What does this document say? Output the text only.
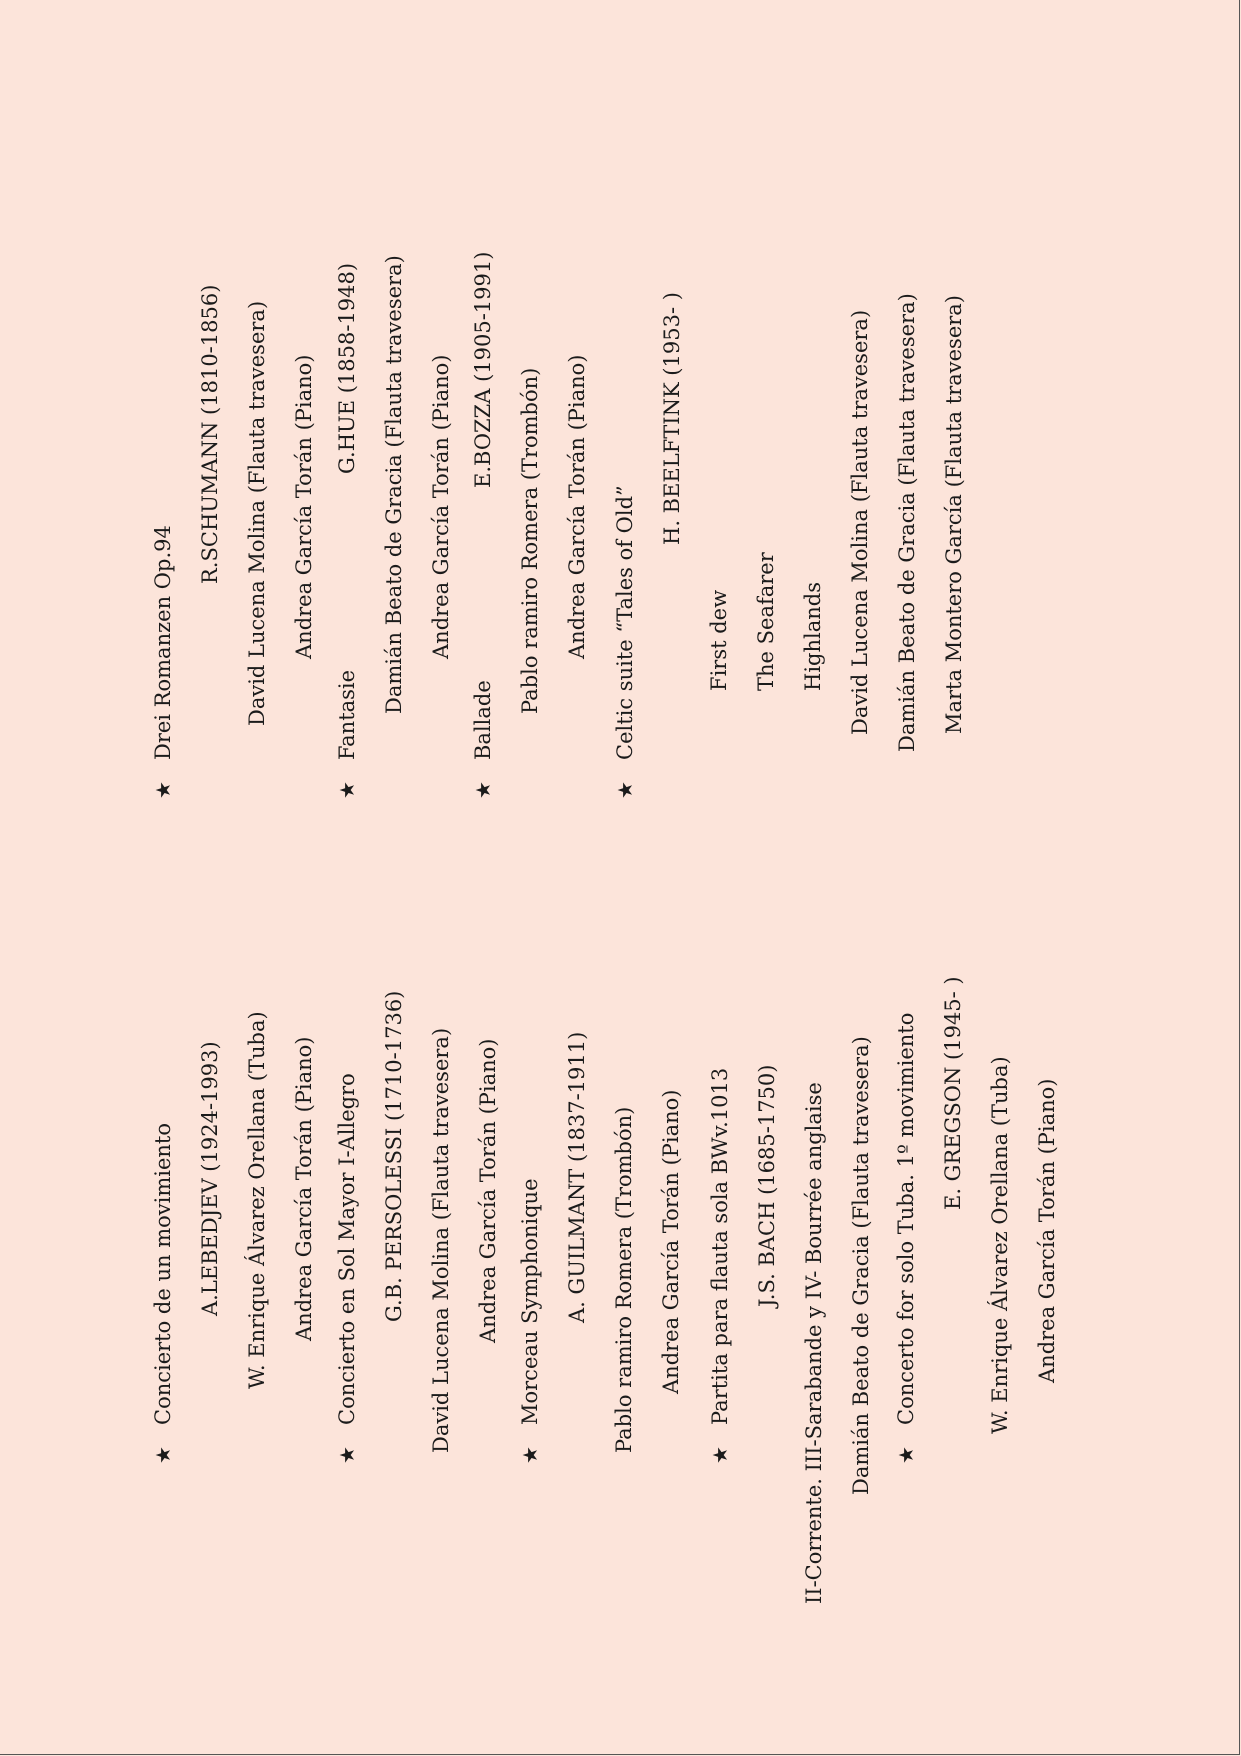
★
Concierto de un movimiento A.LEBEDJEV (1924-1993) W. Enrique Álvarez Orellana (Tuba) Andrea García Torán (Piano)
★
Concierto en Sol Mayor I-Allegro G.B. PERSOLESSI (1710-1736) David Lucena Molina (Flauta travesera) Andrea García Torán (Piano)
★
Morceau Symphonique A. GUILMANT (1837-1911) Pablo ramiro Romera (Trombón) Andrea García Torán (Piano)
★
Partita para flauta sola BWv.1013 J.S. BACH (1685-1750) II-Corrente. III-Sarabande y IV- Bourrée anglaise Damián Beato de Gracia (Flauta travesera) ★
Concerto for solo Tuba. 1º movimiento E. GREGSON (1945- ) W. Enrique Álvarez Orellana (Tuba) Andrea García Torán (Piano)
★
Drei Romanzen Op.94
R.SCHUMANN (1810-1856) David Lucena Molina (Flauta travesera) Andrea García Torán (Piano)
★
Fantasie
G.HUE (1858-1948) Damián Beato de Gracia (Flauta travesera) Andrea García Torán (Piano)
★
Ballade
E.BOZZA (1905-1991) Pablo ramiro Romera (Trombón) Andrea García Torán (Piano)
★
Celtic suite “Tales of Old”
H. BEELFTINK (1953- )
First dew The Seafarer Highlands David Lucena Molina (Flauta travesera) Damián Beato de Gracia (Flauta travesera) Marta Montero García (Flauta travesera)
